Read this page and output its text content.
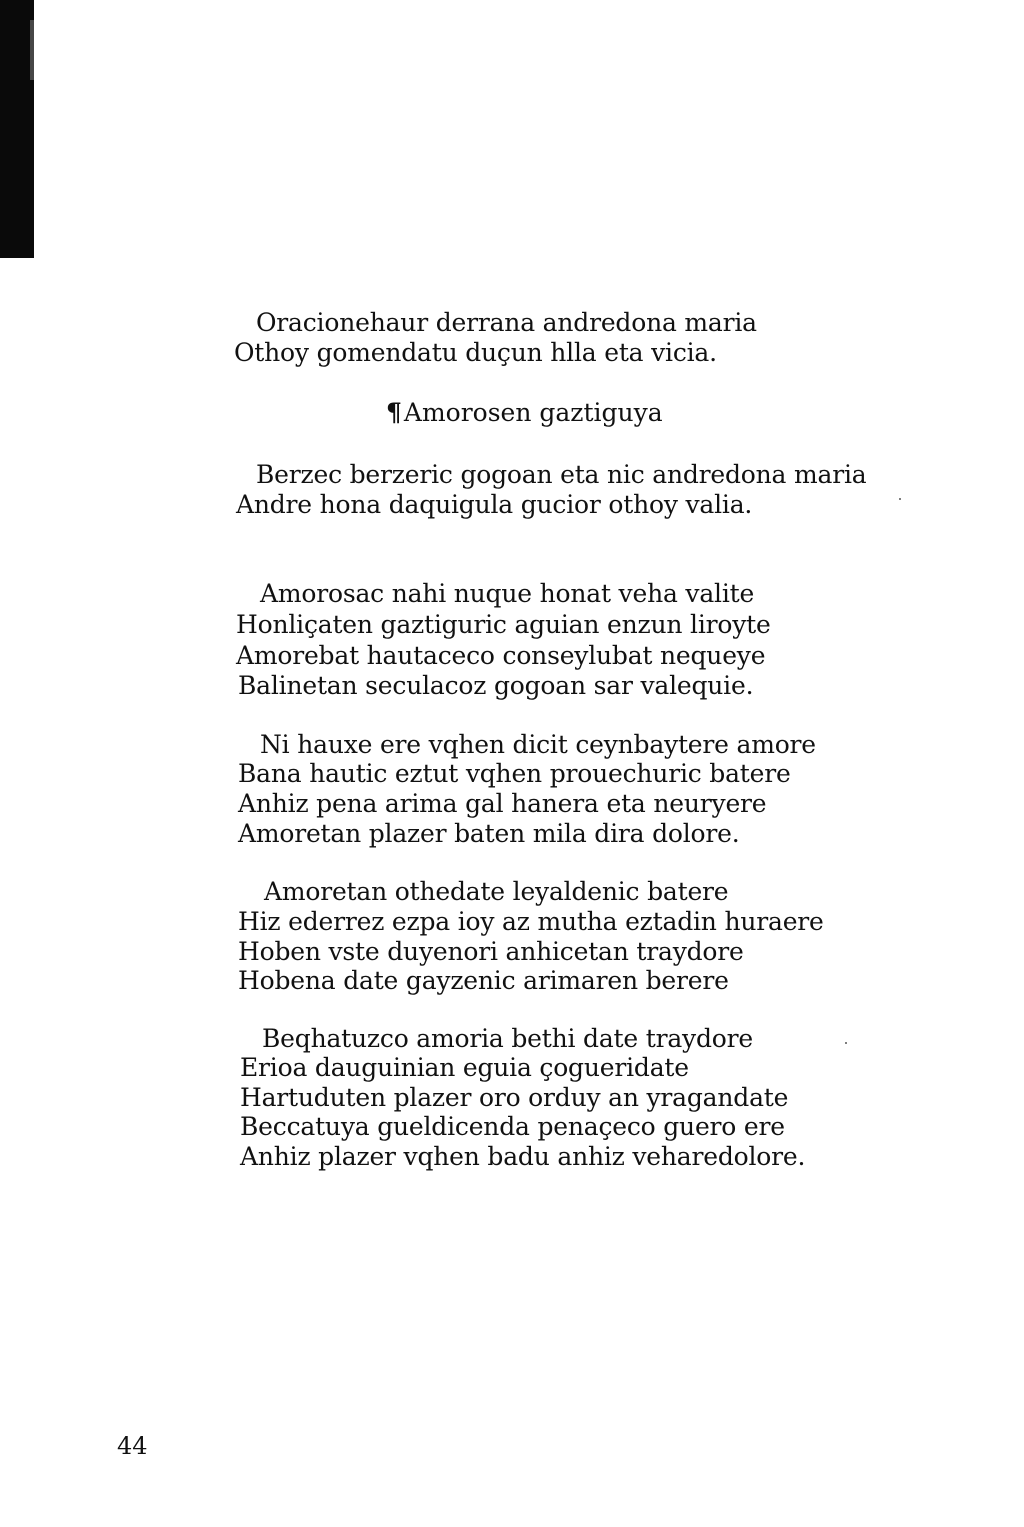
Oracionehaur derrana andredona maria
Othoy gomendatu duçun hlla eta vicia.
¶Amorosen gaztiguya
Berzec berzeric gogoan eta nic andredona maria
Andre hona daquigula gucior othoy valia.
Amorosac nahi nuque honat veha valite
Honliçaten gaztiguric aguian enzun liroyte
Amorebat hautaceco conseylubat nequeye
Balinetan seculacoz gogoan sar valequie.
Ni hauxe ere vqhen dicit ceynbaytere amore
Bana hautic eztut vqhen prouechuric batere
Anhiz pena arima gal hanera eta neuryere
Amoretan plazer baten mila dira dolore.
Amoretan othedate leyaldenic batere
Hiz ederrez ezpa ioy az mutha eztadin huraere
Hoben vste duyenori anhicetan traydore
Hobena date gayzenic arimaren berere
Beqhatuzco amoria bethi date traydore
Erioa dauguinian eguia çogueridate
Hartuduten plazer oro orduy an yragandate
Beccatuya gueldicenda penaçeco guero ere
Anhiz plazer vqhen badu anhiz veharedolore.
44
